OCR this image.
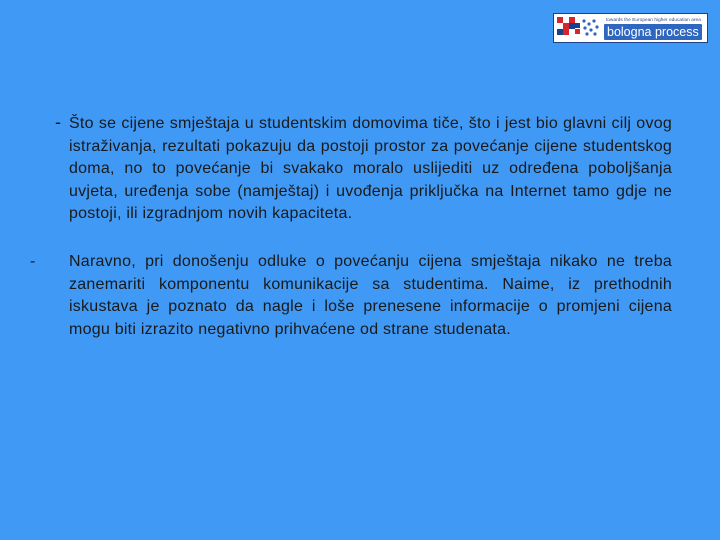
towards the European higher education area
bologna process
- Što se cijene smještaja u studentskim domovima tiče, što i jest bio glavni cilj ovog istraživanja, rezultati pokazuju da postoji prostor za povećanje cijene studentskog doma, no to povećanje bi svakako moralo uslijediti uz određena poboljšanja uvjeta, uređenja sobe (namještaj) i uvođenja priključka na Internet tamo gdje ne postoji, ili izgradnjom novih kapaciteta.
- Naravno, pri donošenju odluke o povećanju cijena smještaja nikako ne treba zanemariti komponentu komunikacije sa studentima. Naime, iz prethodnih iskustava je poznato da nagle i loše prenesene informacije o promjeni cijena mogu biti izrazito negativno prihvaćene od strane studenata.
